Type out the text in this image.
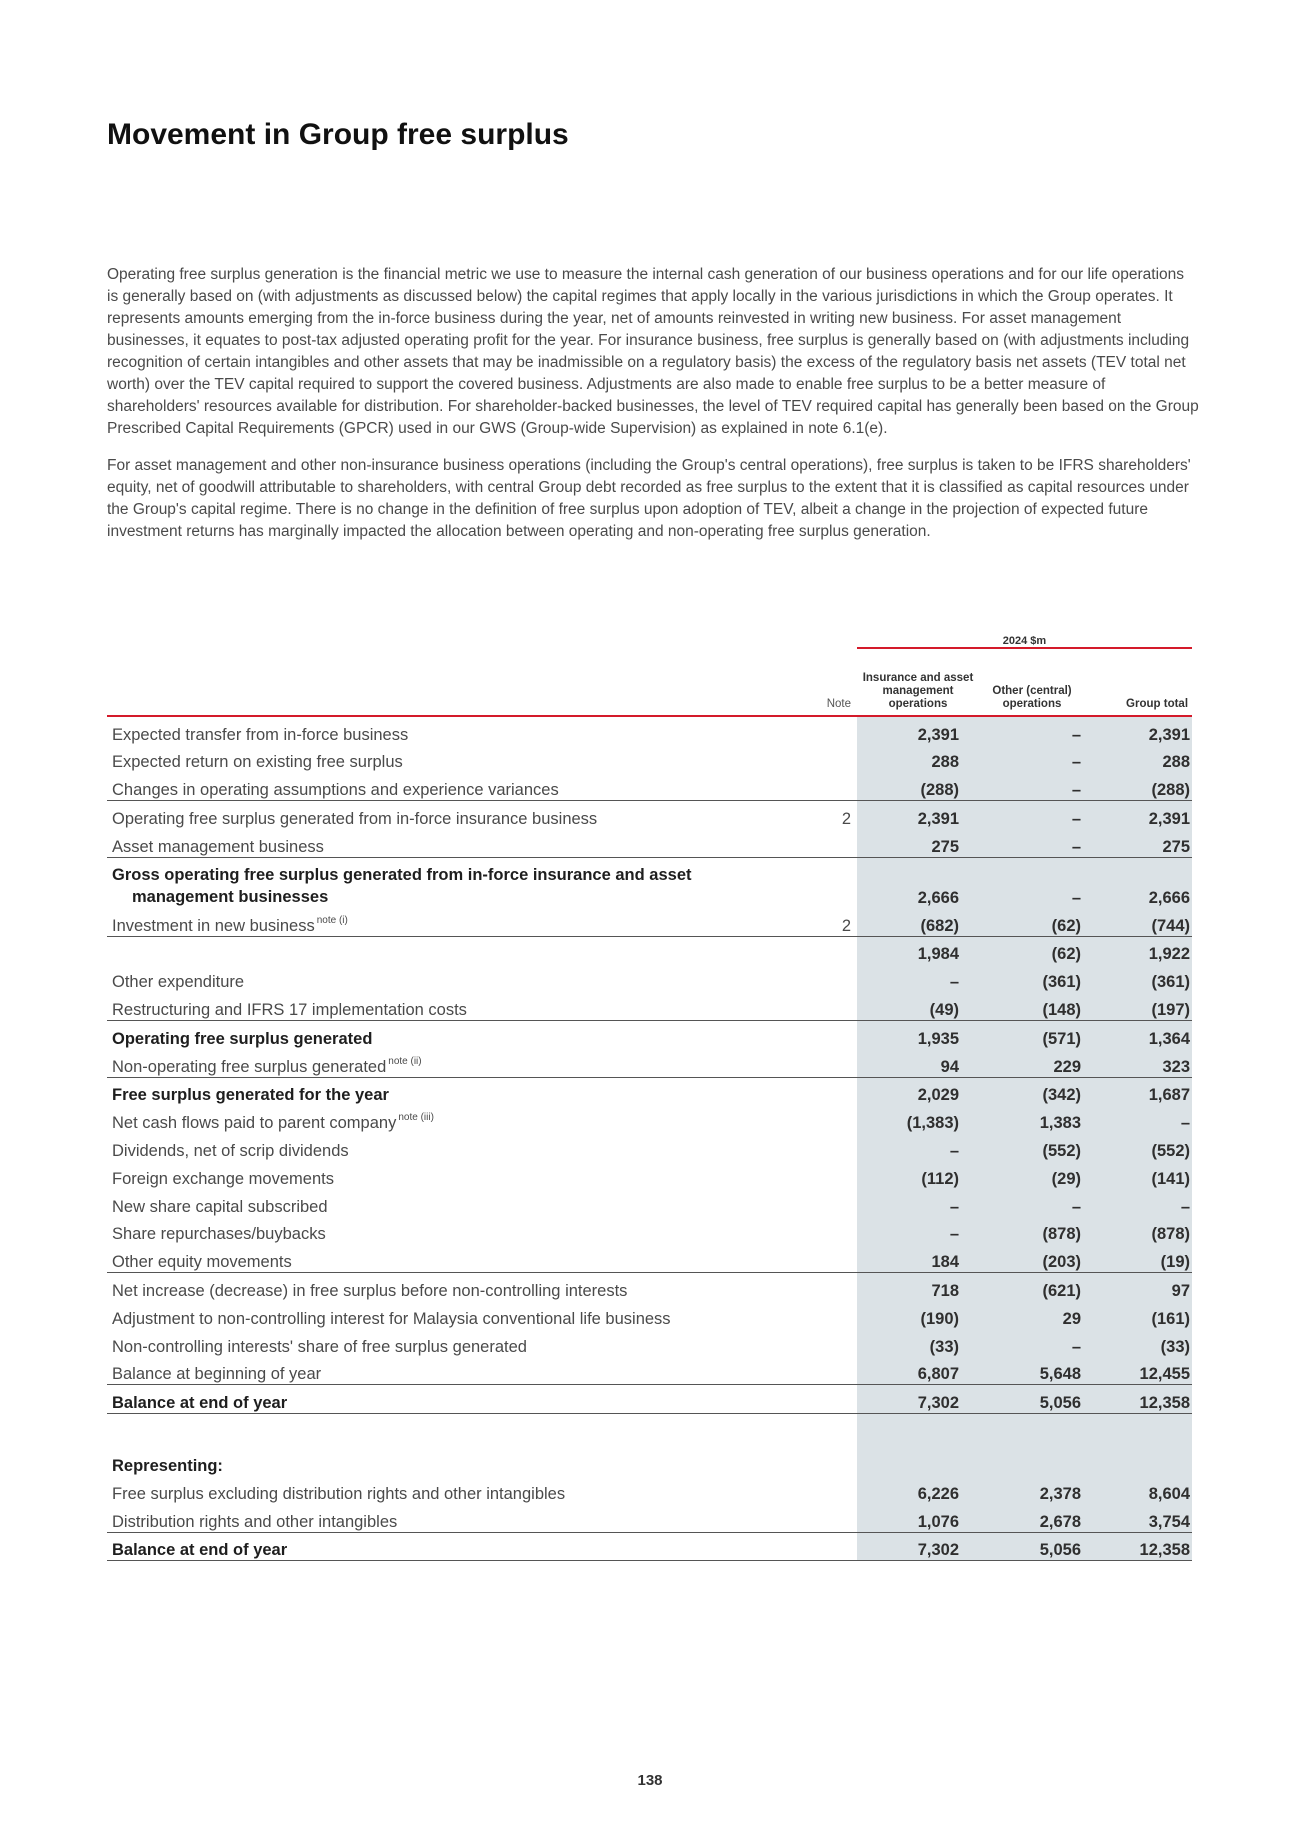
Movement in Group free surplus

Operating free surplus generation is the financial metric we use to measure the internal cash generation of our business operations and for our life operations is generally based on (with adjustments as discussed below) the capital regimes that apply locally in the various jurisdictions in which the Group operates. It represents amounts emerging from the in-force business during the year, net of amounts reinvested in writing new business. For asset management businesses, it equates to post-tax adjusted operating profit for the year. For insurance business, free surplus is generally based on (with adjustments including recognition of certain intangibles and other assets that may be inadmissible on a regulatory basis) the excess of the regulatory basis net assets (TEV total net worth) over the TEV capital required to support the covered business. Adjustments are also made to enable free surplus to be a better measure of shareholders' resources available for distribution. For shareholder-backed businesses, the level of TEV required capital has generally been based on the Group Prescribed Capital Requirements (GPCR) used in our GWS (Group-wide Supervision) as explained in note 6.1(e).

For asset management and other non-insurance business operations (including the Group's central operations), free surplus is taken to be IFRS shareholders' equity, net of goodwill attributable to shareholders, with central Group debt recorded as free surplus to the extent that it is classified as capital resources under the Group's capital regime. There is no change in the definition of free surplus upon adoption of TEV, albeit a change in the projection of expected future investment returns has marginally impacted the allocation between operating and non-operating free surplus generation.

		2024 $m		
	Note	Insurance and asset management operations	Other (central) operations	Group total
Expected transfer from in-force business		2,391	–	2,391
Expected return on existing free surplus		288	–	288
Changes in operating assumptions and experience variances		(288)	–	(288)
Operating free surplus generated from in-force insurance business	2	2,391	–	2,391
Asset management business		275	–	275
Gross operating free surplus generated from in-force insurance and asset
management businesses		2,666	–	2,666
Investment in new business $^{note (i)}$	2	(682)	(62)	(744)
		1,984	(62)	1,922
Other expenditure		–	(361)	(361)
Restructuring and IFRS 17 implementation costs		(49)	(148)	(197)
Operating free surplus generated		1,935	(571)	1,364
Non-operating free surplus generated $^{note (ii)}$		94	229	323
Free surplus generated for the year		2,029	(342)	1,687
Net cash flows paid to parent company $^{note (iii)}$		(1,383)	1,383	–
Dividends, net of scrip dividends		–	(552)	(552)
Foreign exchange movements		(112)	(29)	(141)
New share capital subscribed		–	–	–
Share repurchases/buybacks		–	(878)	(878)
Other equity movements		184	(203)	(19)
Net increase (decrease) in free surplus before non-controlling interests		718	(621)	97
Adjustment to non-controlling interest for Malaysia conventional life business		(190)	29	(161)
Non-controlling interests' share of free surplus generated		(33)	–	(33)
Balance at beginning of year		6,807	5,648	12,455
Balance at end of year		7,302	5,056	12,358

Representing:				
Free surplus excluding distribution rights and other intangibles		6,226	2,378	8,604
Distribution rights and other intangibles		1,076	2,678	3,754
Balance at end of year		7,302	5,056	12,358
138
